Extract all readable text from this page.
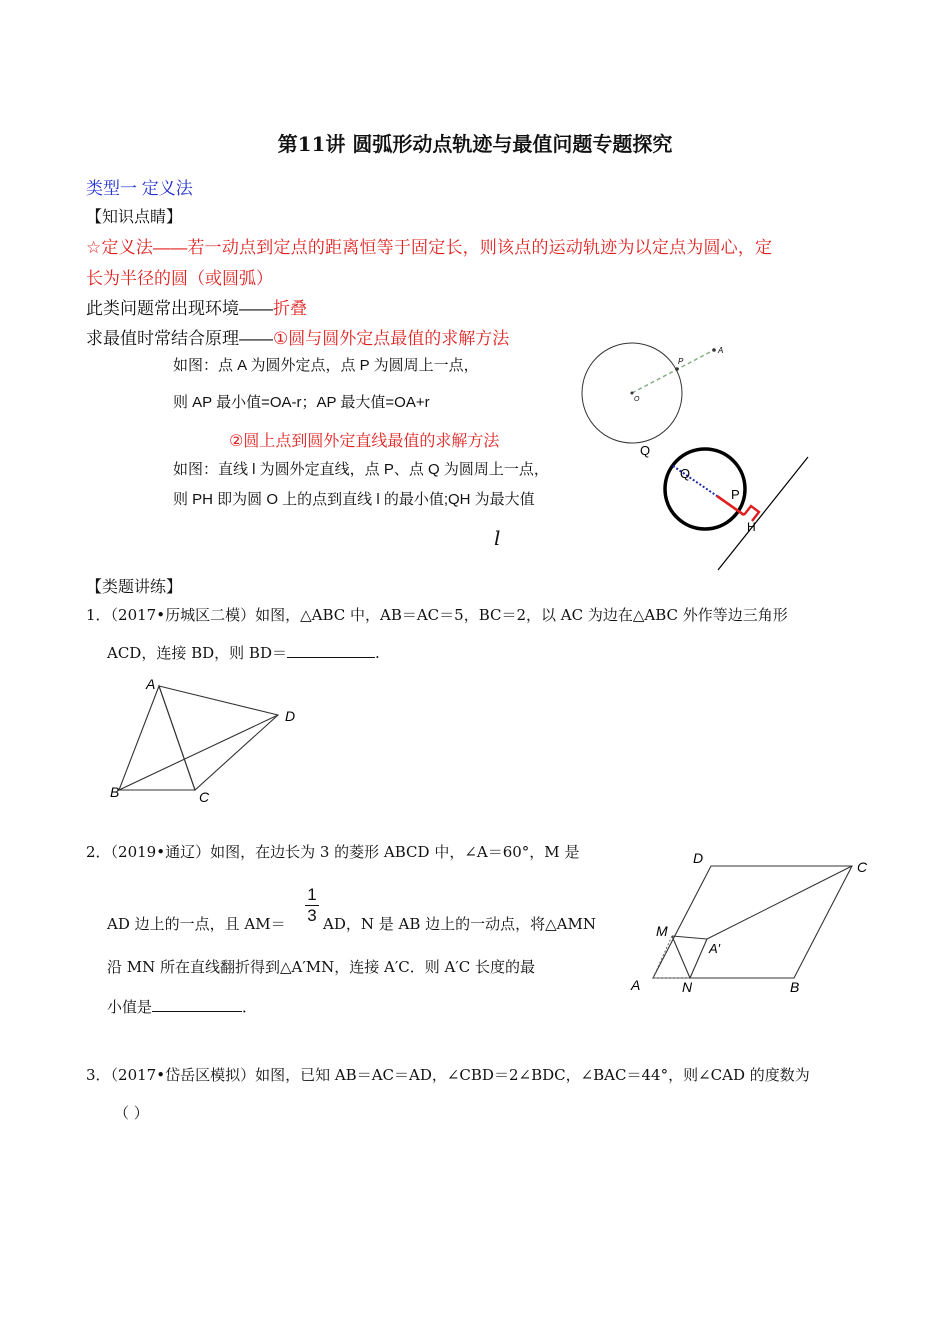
第11讲 圆弧形动点轨迹与最值问题专题探究
类型一 定义法
【知识点睛】
☆定义法——若一动点到定点的距离恒等于固定长，则该点的运动轨迹为以定点为圆心，定
长为半径的圆（或圆弧）
此类问题常出现环境——折叠
求最值时常结合原理——①圆与圆外定点最值的求解方法
如图：点 A 为圆外定点，点 P 为圆周上一点，
则 AP 最小值=OA-r；AP 最大值=OA+r
②圆上点到圆外定直线最值的求解方法
如图：直线 l 为圆外定直线，点 P、点 Q 为圆周上一点，
则 PH 即为圆 O 上的点到直线 l 的最小值;QH 为最大值
l
P
A
O
Q
Q
P
H
【类题讲练】
1．（2017•历城区二模）如图，△ABC 中，AB＝AC＝5，BC＝2，以 AC 为边在△ABC 外作等边三角形
ACD，连接 BD，则 BD＝	.
A
B	C
D
2．（2019•通辽）如图，在边长为 3 的菱形 ABCD 中，∠A＝60°，M 是
AD 边上的一点，且 AM＝
1
3 AD，N 是 AB 边上的一动点，将△AMN
沿 MN 所在直线翻折得到△A′MN，连接 A′C．则 A′C 长度的最
小值是	．
D
C
M
A′
A	N	B
3．（2017•岱岳区模拟）如图，已知 AB＝AC＝AD，∠CBD＝2∠BDC，∠BAC＝44°，则∠CAD 的度数为
（ ）
